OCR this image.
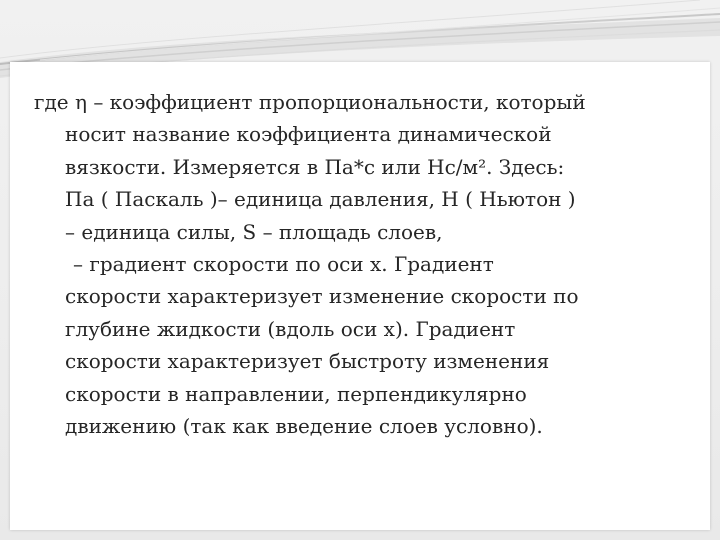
где η – коэффициент пропорциональности, который
носит название коэффициента динамической
вязкости. Измеряется в Па*с или Нс/м². Здесь:
Па ( Паскаль )– единица давления, Н ( Ньютон )
– единица силы, S – площадь слоев,
– градиент скорости по оси х. Градиент
скорости характеризует изменение скорости по
глубине жидкости (вдоль оси х). Градиент
скорости характеризует быстроту изменения
скорости в направлении, перпендикулярно
движению (так как введение слоев условно).
